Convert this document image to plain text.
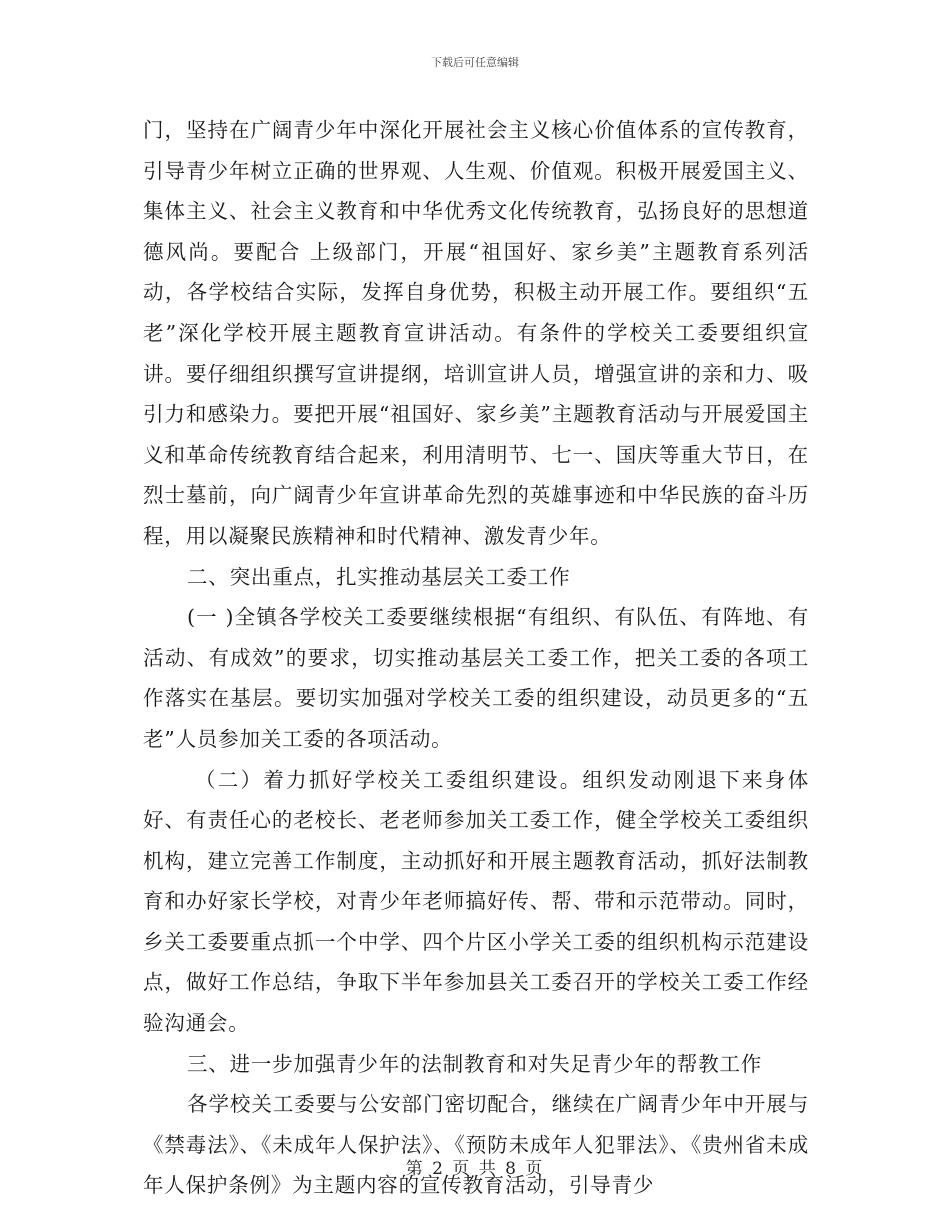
下载后可任意编辑

门，坚持在广阔青少年中深化开展社会主义核心价值体系的宣传教育，引导青少年树立正确的世界观、人生观、价值观。积极开展爱国主义、集体主义、社会主义教育和中华优秀文化传统教育，弘扬良好的思想道德风尚。要配合 上级部门，开展“祖国好、家乡美”主题教育系列活动，各学校结合实际，发挥自身优势，积极主动开展工作。要组织“五老”深化学校开展主题教育宣讲活动。有条件的学校关工委要组织宣讲。要仔细组织撰写宣讲提纲，培训宣讲人员，增强宣讲的亲和力、吸引力和感染力。要把开展“祖国好、家乡美”主题教育活动与开展爱国主义和革命传统教育结合起来，利用清明节、七一、国庆等重大节日，在烈士墓前，向广阔青少年宣讲革命先烈的英雄事迹和中华民族的奋斗历程，用以凝聚民族精神和时代精神、激发青少年。

二、突出重点，扎实推动基层关工委工作

(一 )全镇各学校关工委要继续根据“有组织、有队伍、有阵地、有活动、有成效”的要求，切实推动基层关工委工作，把关工委的各项工作落实在基层。要切实加强对学校关工委的组织建设，动员更多的“五老”人员参加关工委的各项活动。

（二）着力抓好学校关工委组织建设。组织发动刚退下来身体好、有责任心的老校长、老老师参加关工委工作，健全学校关工委组织机构，建立完善工作制度，主动抓好和开展主题教育活动，抓好法制教育和办好家长学校，对青少年老师搞好传、帮、带和示范带动。同时，乡关工委要重点抓一个中学、四个片区小学关工委的组织机构示范建设点，做好工作总结，争取下半年参加县关工委召开的学校关工委工作经验沟通会。

三、进一步加强青少年的法制教育和对失足青少年的帮教工作

各学校关工委要与公安部门密切配合，继续在广阔青少年中开展与《禁毒法》、《未成年人保护法》、《预防未成年人犯罪法》、《贵州省未成年人保护条例》为主题内容的宣传教育活动，引导青少

第 2 页 共 8 页
